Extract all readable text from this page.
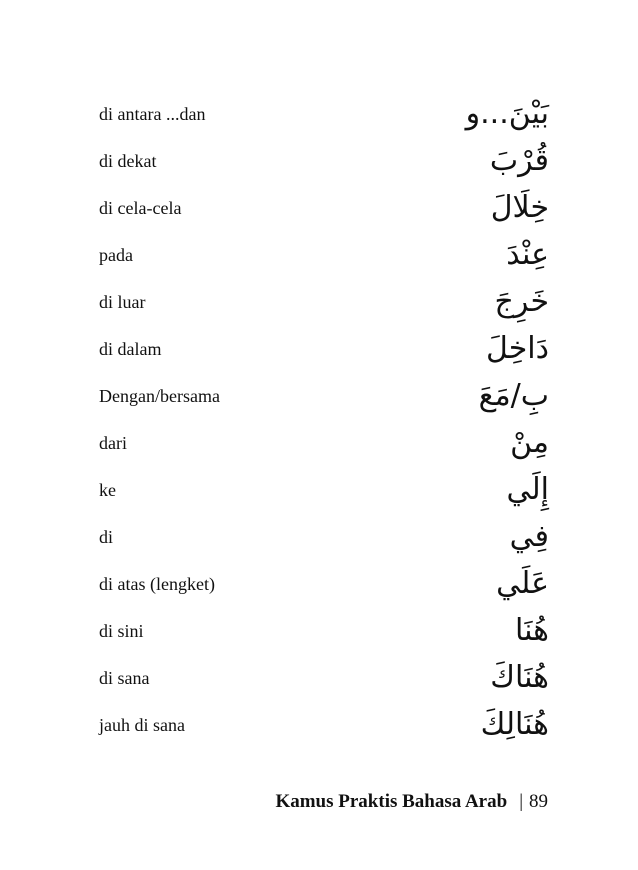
di antara ...dan	بَيْنَ...و
di dekat	قُرْبَ
di cela-cela	خِلَالَ
pada	عِنْدَ
di luar	خَرِجَ
di dalam	دَاخِلَ
Dengan/bersama	بِ/مَعَ
dari	مِنْ
ke	إِلَي
di	فِي
di atas (lengket)	عَلَي
di sini	هُنَا
di sana	هُنَاكَ
jauh di sana	هُنَالِكَ
Kamus Praktis Bahasa Arab | 89
